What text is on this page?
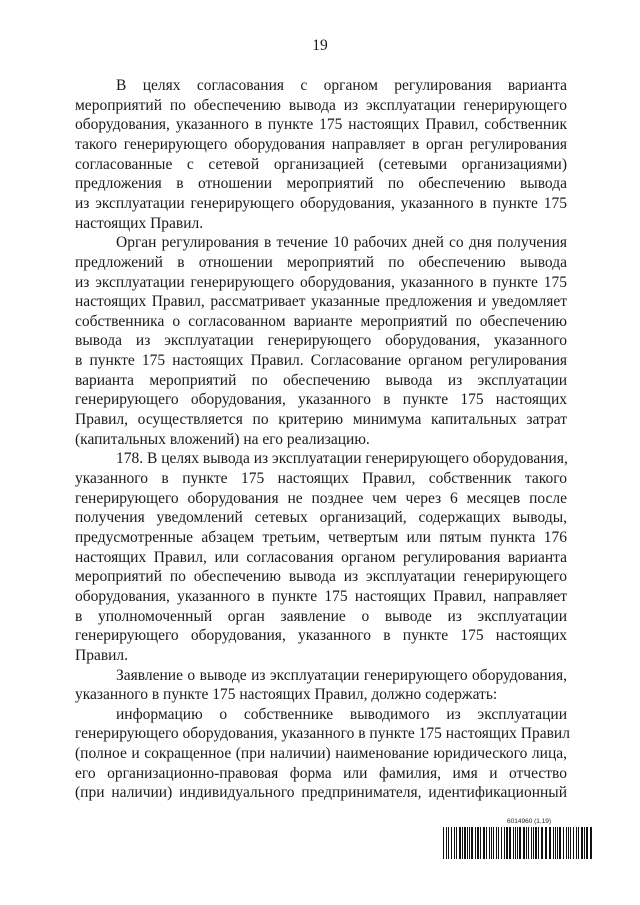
19
В целях согласования с органом регулирования варианта
мероприятий по обеспечению вывода из эксплуатации генерирующего
оборудования, указанного в пункте 175 настоящих Правил, собственник
такого генерирующего оборудования направляет в орган регулирования
согласованные с сетевой организацией (сетевыми организациями)
предложения в отношении мероприятий по обеспечению вывода
из эксплуатации генерирующего оборудования, указанного в пункте 175
настоящих Правил.
Орган регулирования в течение 10 рабочих дней со дня получения
предложений в отношении мероприятий по обеспечению вывода
из эксплуатации генерирующего оборудования, указанного в пункте 175
настоящих Правил, рассматривает указанные предложения и уведомляет
собственника о согласованном варианте мероприятий по обеспечению
вывода из эксплуатации генерирующего оборудования, указанного
в пункте 175 настоящих Правил. Согласование органом регулирования
варианта мероприятий по обеспечению вывода из эксплуатации
генерирующего оборудования, указанного в пункте 175 настоящих
Правил, осуществляется по критерию минимума капитальных затрат
(капитальных вложений) на его реализацию.
178. В целях вывода из эксплуатации генерирующего оборудования,
указанного в пункте 175 настоящих Правил, собственник такого
генерирующего оборудования не позднее чем через 6 месяцев после
получения уведомлений сетевых организаций, содержащих выводы,
предусмотренные абзацем третьим, четвертым или пятым пункта 176
настоящих Правил, или согласования органом регулирования варианта
мероприятий по обеспечению вывода из эксплуатации генерирующего
оборудования, указанного в пункте 175 настоящих Правил, направляет
в уполномоченный орган заявление о выводе из эксплуатации
генерирующего оборудования, указанного в пункте 175 настоящих
Правил.
Заявление о выводе из эксплуатации генерирующего оборудования,
указанного в пункте 175 настоящих Правил, должно содержать:
информацию о собственнике выводимого из эксплуатации
генерирующего оборудования, указанного в пункте 175 настоящих Правил
(полное и сокращенное (при наличии) наименование юридического лица,
его организационно-правовая форма или фамилия, имя и отчество
(при наличии) индивидуального предпринимателя, идентификационный
6014960 (1.19)
